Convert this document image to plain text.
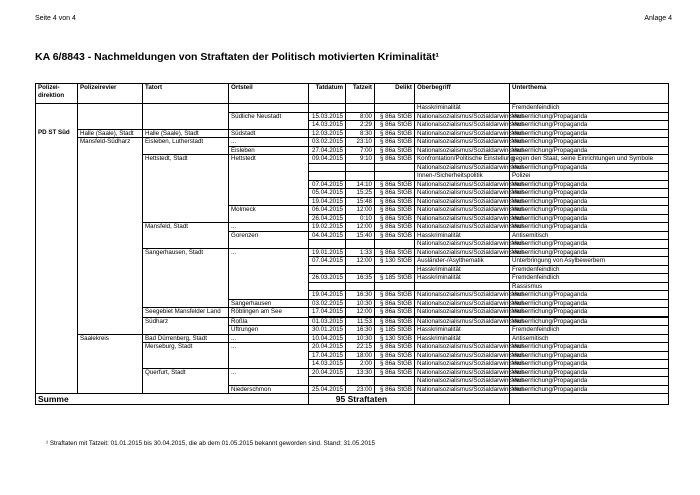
Seite 4 von 4	Anlage 4
KA 6/8843 - Nachmeldungen von Straftaten der Politisch motivierten Kriminalität¹
Polizei-direktion	Polizeirevier	Tatort	Ortsteil	Tatdatum	Tatzeit	Delikt	Oberbegriff	Unterthema
							Hasskriminalität	Fremdenfeindlich
			Südliche Neustadt	15.03.2015	8:00	§ 86a StGB	Nationalsozialismus/Sozialdarwinismus	Verherrlichung/Propaganda
				14.03.2015	2:29	§ 86a StGB	Nationalsozialismus/Sozialdarwinismus	Verherrlichung/Propaganda
PD ST Süd	Halle (Saale), Stadt	Halle (Saale), Stadt	Südstadt	12.03.2015	8:30	§ 86a StGB	Nationalsozialismus/Sozialdarwinismus	Verherrlichung/Propaganda
	Mansfeld-Südharz	Eisleben, Lutherstadt	...	03.02.2015	23:10	§ 86a StGB	Nationalsozialismus/Sozialdarwinismus	Verherrlichung/Propaganda
			Eisleben	27.04.2015	7:00	§ 86a StGB	Nationalsozialismus/Sozialdarwinismus	Verherrlichung/Propaganda
		Hettstedt, Stadt	Hettstedt	09.04.2015	9:10	§ 86a StGB	Konfrontation/Politische Einstellung	gegen den Staat, seine Einrichtungen und Symbole
							Nationalsozialismus/Sozialdarwinismus	Verherrlichung/Propaganda
							Innen-/Sicherheitspolitik	Polizei
				07.04.2015	14:10	§ 86a StGB	Nationalsozialismus/Sozialdarwinismus	Verherrlichung/Propaganda
				05.04.2015	15:25	§ 86a StGB	Nationalsozialismus/Sozialdarwinismus	Verherrlichung/Propaganda
				19.04.2015	15:48	§ 86a StGB	Nationalsozialismus/Sozialdarwinismus	Verherrlichung/Propaganda
			Molmeck	06.04.2015	12:00	§ 86a StGB	Nationalsozialismus/Sozialdarwinismus	Verherrlichung/Propaganda
				26.04.2015	0:10	§ 86a StGB	Nationalsozialismus/Sozialdarwinismus	Verherrlichung/Propaganda
		Mansfeld, Stadt	...	19.02.2015	12:00	§ 86a StGB	Nationalsozialismus/Sozialdarwinismus	Verherrlichung/Propaganda
			Gorenzen	04.04.2015	15:40	§ 86a StGB	Hasskriminalität	Antisemitisch
							Nationalsozialismus/Sozialdarwinismus	Verherrlichung/Propaganda
		Sangerhausen, Stadt	...	19.01.2015	1:33	§ 86a StGB	Nationalsozialismus/Sozialdarwinismus	Verherrlichung/Propaganda
				07.04.2015	12:00	§ 130 StGB	Ausländer-/Asylthematik	Unterbringung von Asylbewerbern
							Hasskriminalität	Fremdenfeindlich
				26.03.2015	16:35	§ 185 StGB	Hasskriminalität	Fremdenfeindlich
								Rassismus
				19.04.2015	16:30	§ 86a StGB	Nationalsozialismus/Sozialdarwinismus	Verherrlichung/Propaganda
			Sangerhausen	03.02.2015	10:30	§ 86a StGB	Nationalsozialismus/Sozialdarwinismus	Verherrlichung/Propaganda
		Seegebiet Mansfelder Land	Röblingen am See	17.04.2015	12:00	§ 86a StGB	Nationalsozialismus/Sozialdarwinismus	Verherrlichung/Propaganda

		Südharz	Roßla	01.03.2015	11:53	§ 86a StGB	Nationalsozialismus/Sozialdarwinismus	Verherrlichung/Propaganda
			Uftrungen	30.01.2015	16:30	§ 185 StGB	Hasskriminalität	Fremdenfeindlich
	Saalekreis	Bad Dürrenberg, Stadt	...	10.04.2015	10:30	§ 130 StGB	Hasskriminalität	Antisemitisch
		Merseburg, Stadt	...	20.04.2015	22:15	§ 86a StGB	Nationalsozialismus/Sozialdarwinismus	Verherrlichung/Propaganda
				17.04.2015	18:00	§ 86a StGB	Nationalsozialismus/Sozialdarwinismus	Verherrlichung/Propaganda
				14.03.2015	2:00	§ 86a StGB	Nationalsozialismus/Sozialdarwinismus	Verherrlichung/Propaganda
		Querfurt, Stadt	...	20.04.2015	13:30	§ 86a StGB	Nationalsozialismus/Sozialdarwinismus	Verherrlichung/Propaganda
							Nationalsozialismus/Sozialdarwinismus	Verherrlichung/Propaganda
			Niederschmon	25.04.2015	23:00	§ 86a StGB	Nationalsozialismus/Sozialdarwinismus	Verherrlichung/Propaganda
Summe				95 Straftaten				
¹ Straftaten mit Tatzeit: 01.01.2015 bis 30.04.2015, die ab dem 01.05.2015 bekannt geworden sind. Stand: 31.05.2015
